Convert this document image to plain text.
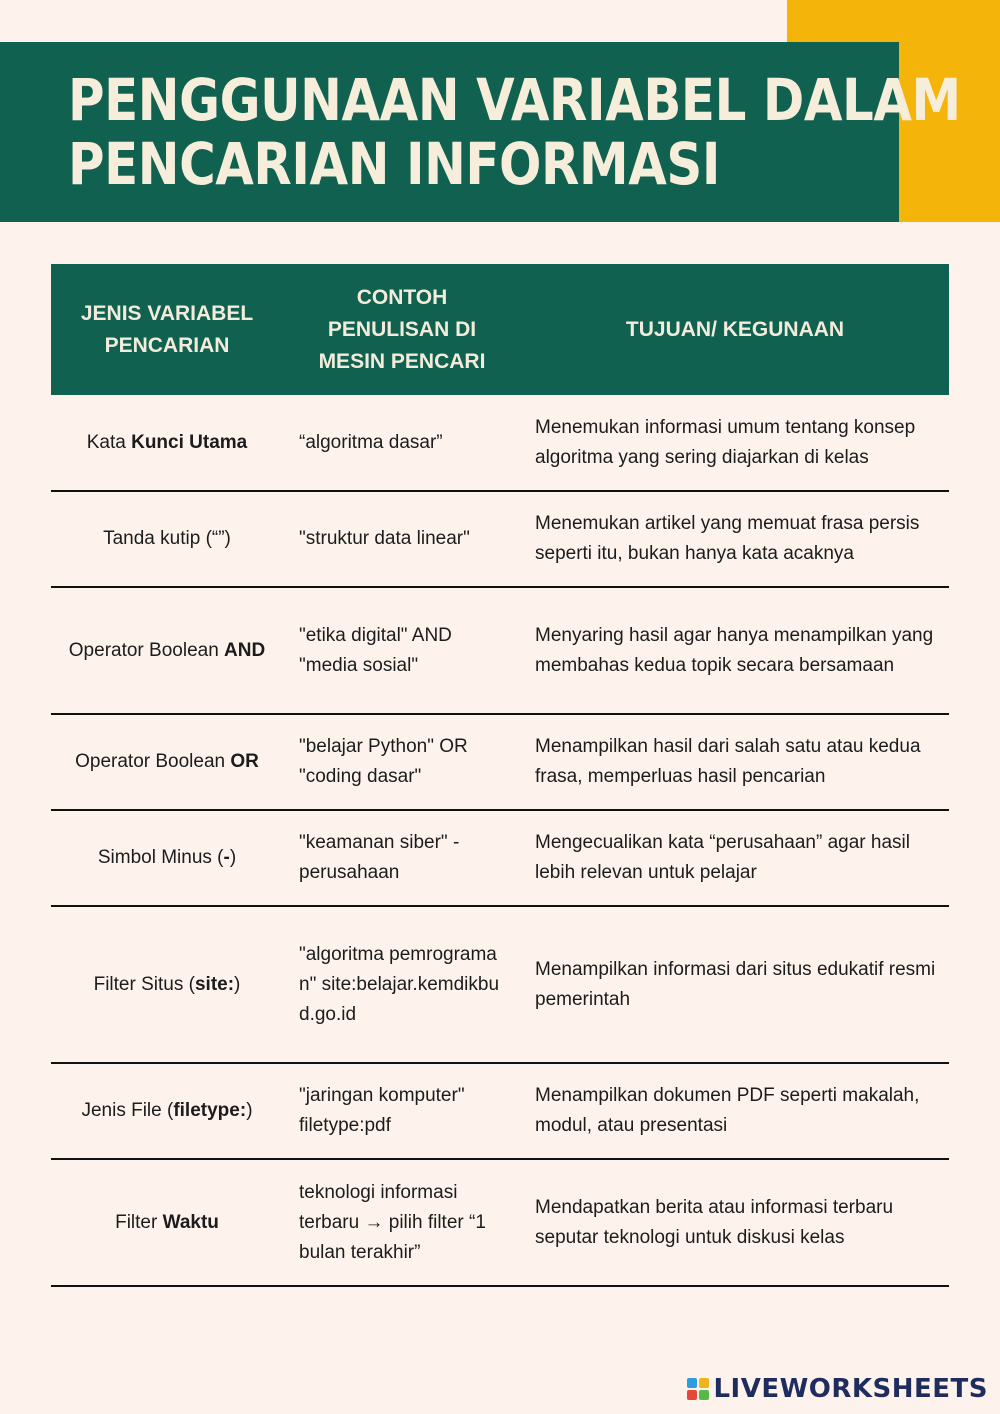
PENGGUNAAN VARIABEL DALAM
PENCARIAN INFORMASI
JENIS VARIABEL PENCARIAN	CONTOH PENULISAN DI MESIN PENCARI	TUJUAN/ KEGUNAAN
Kata Kunci Utama	“algoritma dasar”	Menemukan informasi umum tentang konsep algoritma yang sering diajarkan di kelas
Tanda kutip (“”)	"struktur data linear"	Menemukan artikel yang memuat frasa persis seperti itu, bukan hanya kata acaknya
Operator Boolean AND	"etika digital" AND "media sosial"	Menyaring hasil agar hanya menampilkan yang membahas kedua topik secara bersamaan
Operator Boolean OR	"belajar Python" OR "coding dasar"	Menampilkan hasil dari salah satu atau kedua frasa, memperluas hasil pencarian
Simbol Minus (-)	"keamanan siber" - perusahaan	Mengecualikan kata “perusahaan” agar hasil lebih relevan untuk pelajar
Filter Situs (site:)	"algoritma pemrograman" site:belajar.kemdikbud.go.id	Menampilkan informasi dari situs edukatif resmi pemerintah
Jenis File (filetype:)	"jaringan komputer" filetype:pdf	Menampilkan dokumen PDF seperti makalah, modul, atau presentasi
Filter Waktu	teknologi informasi terbaru → pilih filter “1 bulan terakhir”	Mendapatkan berita atau informasi terbaru seputar teknologi untuk diskusi kelas
LIVEWORKSHEETS
